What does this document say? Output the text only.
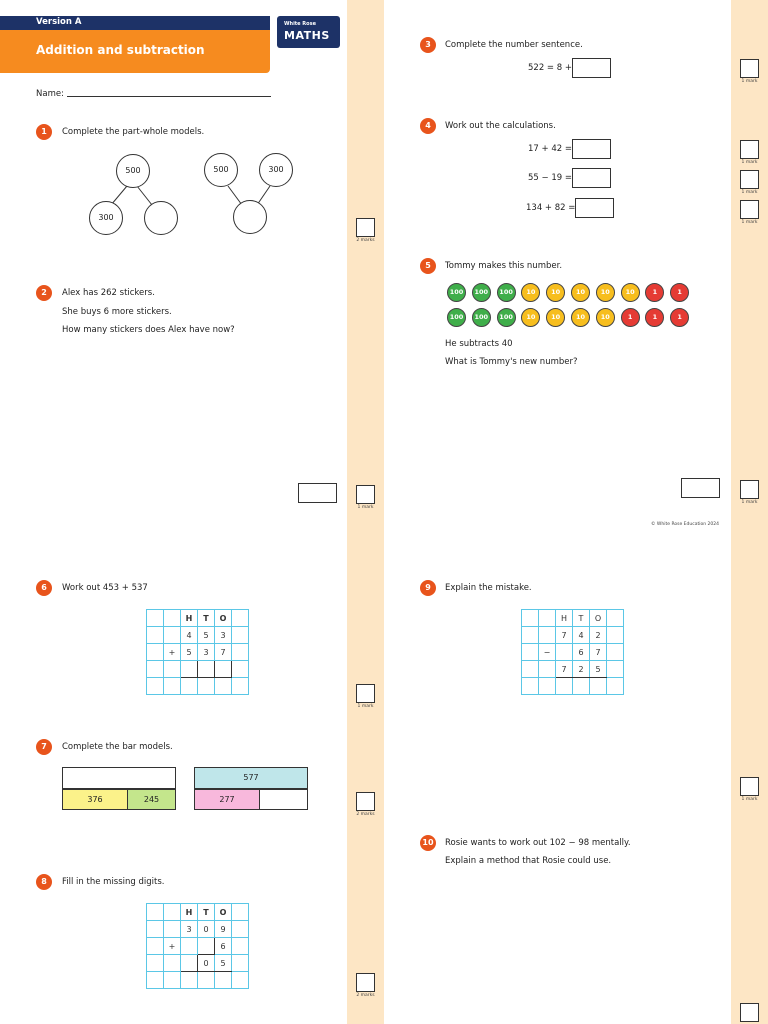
Version A
Addition and subtraction
White Rose
MATHS
Name:
1	Complete the part-whole models.
500
300
500	300
2 marks
2	Alex has 262 stickers.
She buys 6 more stickers.
How many stickers does Alex have now?
1 mark
3	Complete the number sentence.
522 = 8 +
1 mark
4	Work out the calculations.
17 + 42 =
55 − 19 =
134 + 82 =
1 mark
1 mark
1 mark
5	Tommy makes this number.
100	100	100	10	10	10	10	10	1	1
100	100	100	10	10	10	10	1	1	1
He subtracts 40
What is Tommy's new number?
1 mark
© White Rose Education 2024
6	Work out 453 + 537
		H	T	O	
		4	5	3	
	+	5	3	7	

1 mark
7	Complete the bar models.
376	245
577
277
2 marks
8	Fill in the missing digits.
		H	T	O	
		3	0	9	
	+			6	
			0	5	

2 marks
9	Explain the mistake.
		H	T	O	
		7	4	2	
	−		6	7	
		7	2	5	

1 mark
10 Rosie wants to work out 102 − 98 mentally.
Explain a method that Rosie could use.
